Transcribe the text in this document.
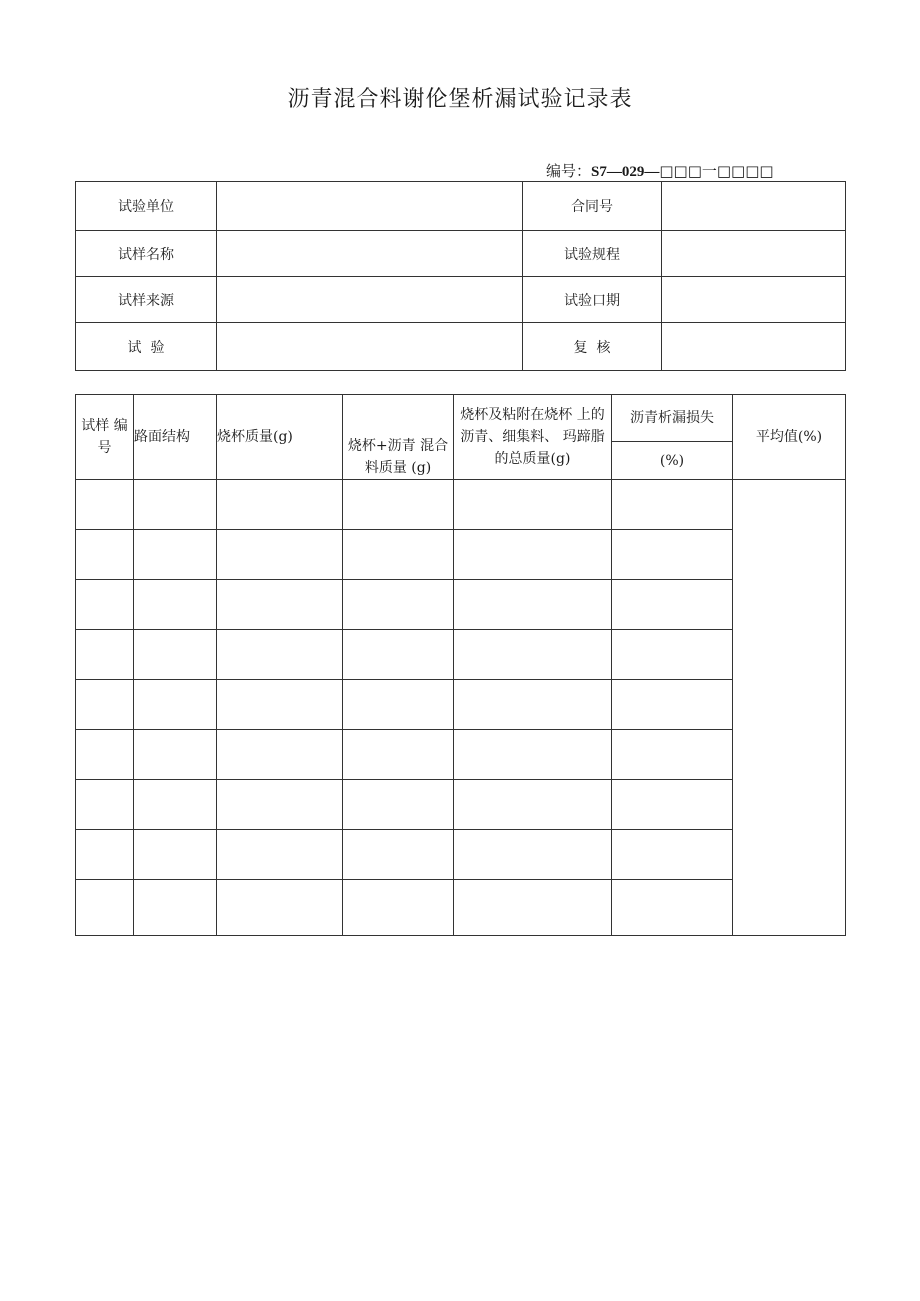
沥青混合料谢伦堡析漏试验记录表
编号：S7—029—□□□一□□□□
试验单位		合同号	
试样名称		试验规程	
试样来源		试验口期	
试  验		复  核	
试样 编号	路面结构	烧杯质量(g)	烧杯+沥青 混合料质量 (g)	烧杯及粘附在烧杯 上的沥青、细集料、 玛蹄脂的总质量(g)	沥青析漏损失	平均值(%)
					(%)	
